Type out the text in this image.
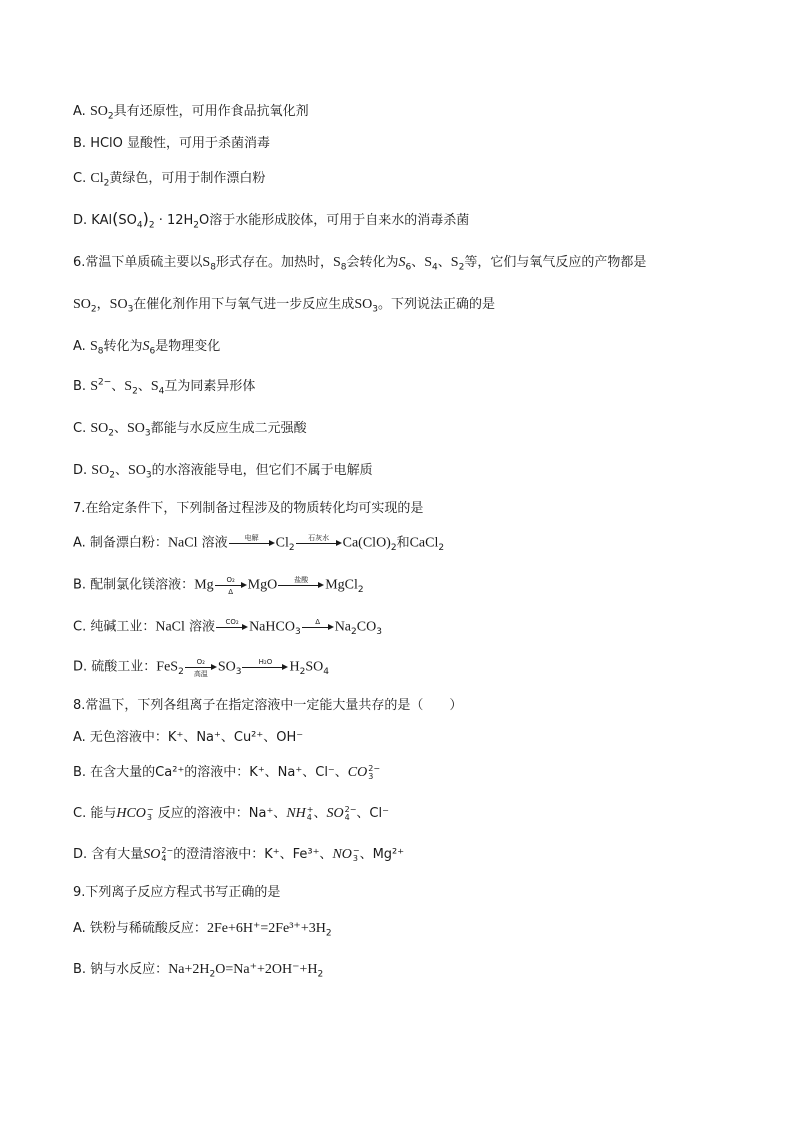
A. $SO_2$具有还原性，可用作食品抗氧化剂
B. HClO 显酸性，可用于杀菌消毒
C. $Cl_2$黄绿色，可用于制作漂白粉
D. $KAl(SO_4)_2 \cdot 12H_2O$溶于水能形成胶体，可用于自来水的消毒杀菌
6.常温下单质硫主要以$S_8$形式存在。加热时，$S_8$会转化为$S_6$、$S_4$、$S_2$等，它们与氧气反应的产物都是
$SO_2$，$SO_3$在催化剂作用下与氧气进一步反应生成$SO_3$。下列说法正确的是
A. $S_8$转化为$S_6$是物理变化
B. $S^{2-}$、$S_2$、$S_4$互为同素异形体
C. $SO_2$、$SO_3$都能与水反应生成二元强酸
D. $SO_2$、$SO_3$的水溶液能导电，但它们不属于电解质
7.在给定条件下，下列制备过程涉及的物质转化均可实现的是
A. 制备漂白粉：NaCl 溶液	电解	$Cl_2$
石灰水 $Ca(ClO)_2$和CaCl$_2$
B. 配制氯化镁溶液：Mg $\frac{\text{O₂}}{\Delta}$ MgO	盐酸	MgCl$_2$
C. 纯碱工业：NaCl 溶液	CO₂ NaHCO$_3$
Δ	$Na_2CO_3$
D. 硫酸工业：FeS$_2$
O₂
高温 $SO_3$
H₂O	$H_2SO_4$
8.常温下，下列各组离子在指定溶液中一定能大量共存的是（　　）
A. 无色溶液中：K⁺、Na⁺、Cu²⁺、OH⁻
B. 在含大量的Ca²⁺的溶液中：K⁺、Na⁺、Cl⁻、CO 2−
3
C. 能与HCO −
3 反应的溶液中：Na⁺、NH +
4 、SO 2−
4 、Cl⁻
D. 含有大量SO 2−
4 的澄清溶液中：K⁺、Fe³⁺、NO −
3 、Mg²⁺
9.下列离子反应方程式书写正确的是
A. 铁粉与稀硫酸反应：$2Fe+6H^+=2Fe^{3+}+3H_2$
B. 钠与水反应：$Na+2H_2O=Na^++2OH^-+H_2$
